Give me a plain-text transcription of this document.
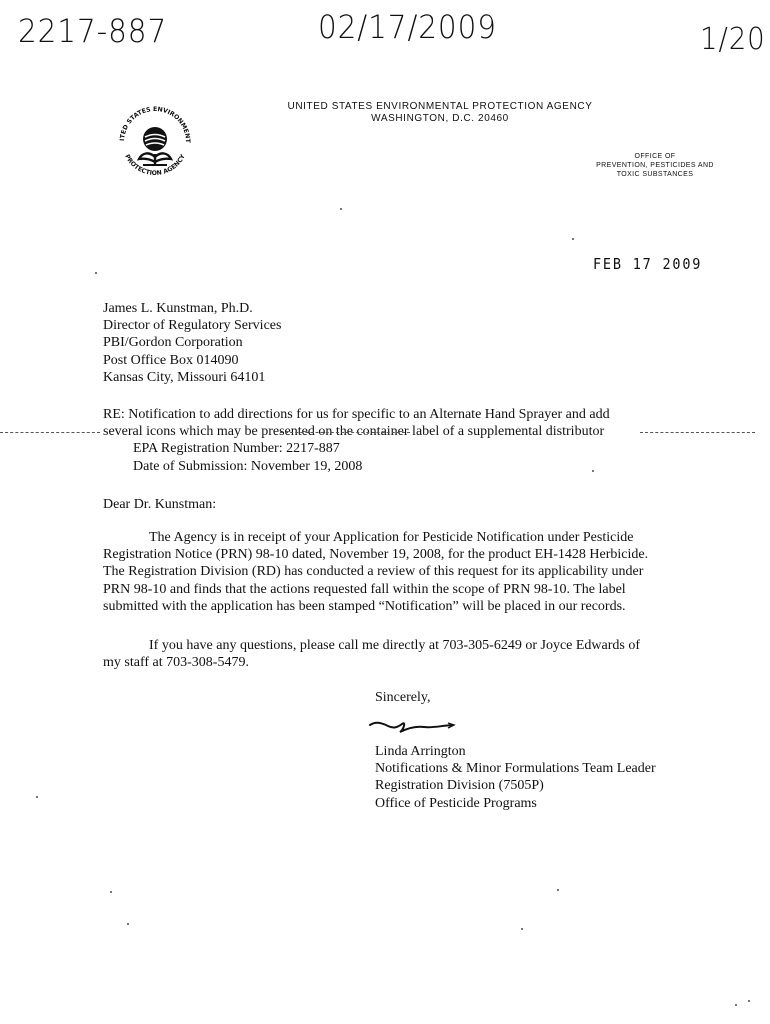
2217-887	02/17/2009	1/20
ITED STATES ENVIRONMENT
PROTECTION AGENCY
UNITED STATES ENVIRONMENTAL PROTECTION AGENCY
WASHINGTON, D.C. 20460
OFFICE OF
PREVENTION, PESTICIDES AND
TOXIC SUBSTANCES
FEB 17 2009
James L. Kunstman, Ph.D.
Director of Regulatory Services
PBI/Gordon Corporation
Post Office Box 014090
Kansas City, Missouri 64101
RE: Notification to add directions for us for specific to an Alternate Hand Sprayer and add
several icons which may be presented on the container label of a supplemental distributor
EPA Registration Number: 2217-887
Date of Submission: November 19, 2008
Dear Dr. Kunstman:
The Agency is in receipt of your Application for Pesticide Notification under Pesticide
Registration Notice (PRN) 98-10 dated, November 19, 2008, for the product EH-1428 Herbicide.
The Registration Division (RD) has conducted a review of this request for its applicability under
PRN 98-10 and finds that the actions requested fall within the scope of PRN 98-10. The label
submitted with the application has been stamped “Notification” will be placed in our records.
If you have any questions, please call me directly at 703-305-6249 or Joyce Edwards of
my staff at 703-308-5479.
Sincerely,
Linda Arrington
Notifications & Minor Formulations Team Leader
Registration Division (7505P)
Office of Pesticide Programs
